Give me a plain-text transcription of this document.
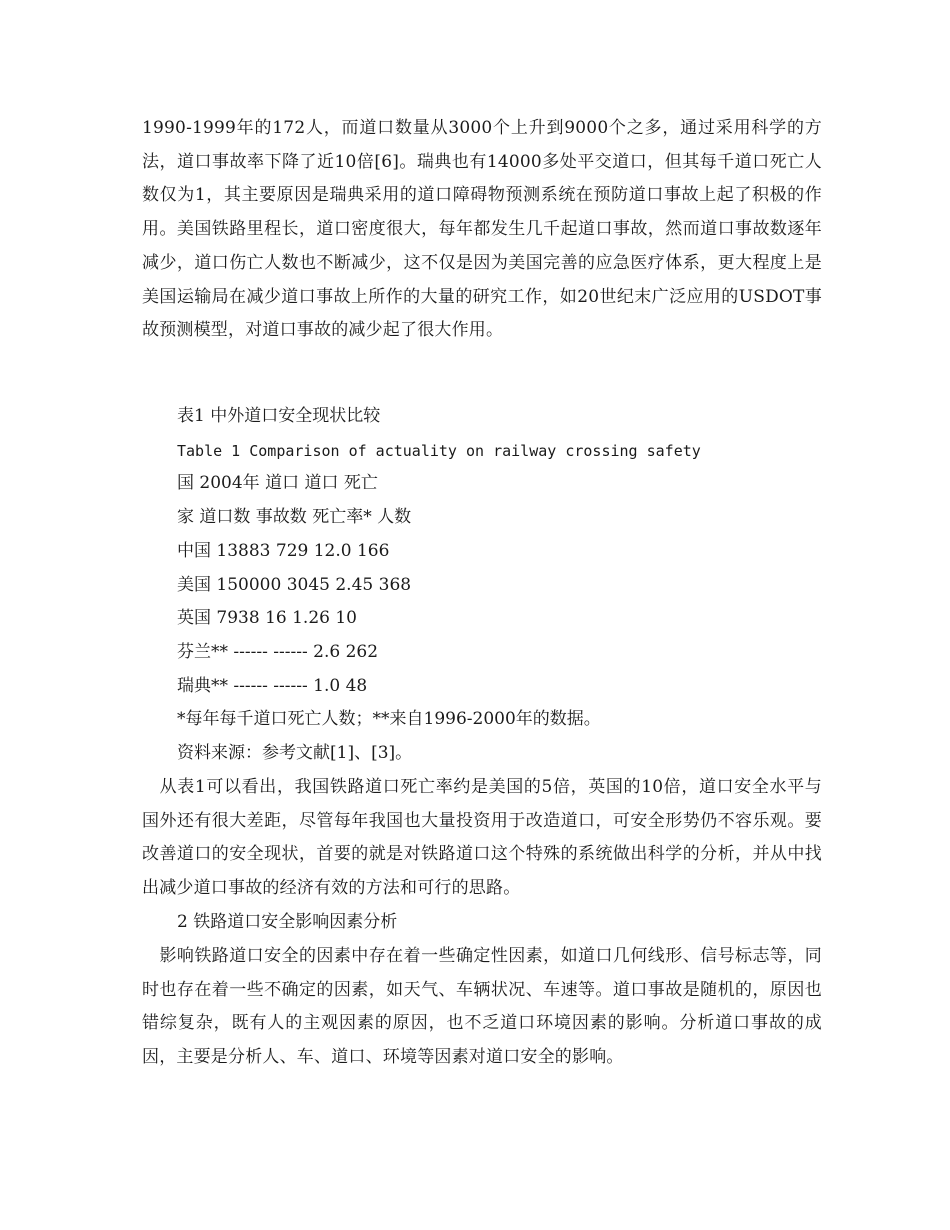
1990-1999年的172人，而道口数量从3000个上升到9000个之多，通过采用科学的方法，道口事故率下降了近10倍[6]。瑞典也有14000多处平交道口，但其每千道口死亡人数仅为1，其主要原因是瑞典采用的道口障碍物预测系统在预防道口事故上起了积极的作用。美国铁路里程长，道口密度很大，每年都发生几千起道口事故，然而道口事故数逐年减少，道口伤亡人数也不断减少，这不仅是因为美国完善的应急医疗体系，更大程度上是美国运输局在减少道口事故上所作的大量的研究工作，如20世纪末广泛应用的USDOT事故预测模型，对道口事故的减少起了很大作用。

表1 中外道口安全现状比较

Table 1 Comparison of actuality on railway crossing safety

国 2004年 道口 道口 死亡

家 道口数 事故数 死亡率* 人数

中国 13883 729 12.0 166

美国 150000 3045 2.45 368

英国 7938 16 1.26 10

芬兰** ------ ------ 2.6 262

瑞典** ------ ------ 1.0 48

*每年每千道口死亡人数；**来自1996-2000年的数据。

资料来源：参考文献[1]、[3]。

　从表1可以看出，我国铁路道口死亡率约是美国的5倍，英国的10倍，道口安全水平与国外还有很大差距，尽管每年我国也大量投资用于改造道口，可安全形势仍不容乐观。要改善道口的安全现状，首要的就是对铁路道口这个特殊的系统做出科学的分析，并从中找出减少道口事故的经济有效的方法和可行的思路。

2 铁路道口安全影响因素分析

　影响铁路道口安全的因素中存在着一些确定性因素，如道口几何线形、信号标志等，同时也存在着一些不确定的因素，如天气、车辆状况、车速等。道口事故是随机的，原因也错综复杂，既有人的主观因素的原因，也不乏道口环境因素的影响。分析道口事故的成因，主要是分析人、车、道口、环境等因素对道口安全的影响。
